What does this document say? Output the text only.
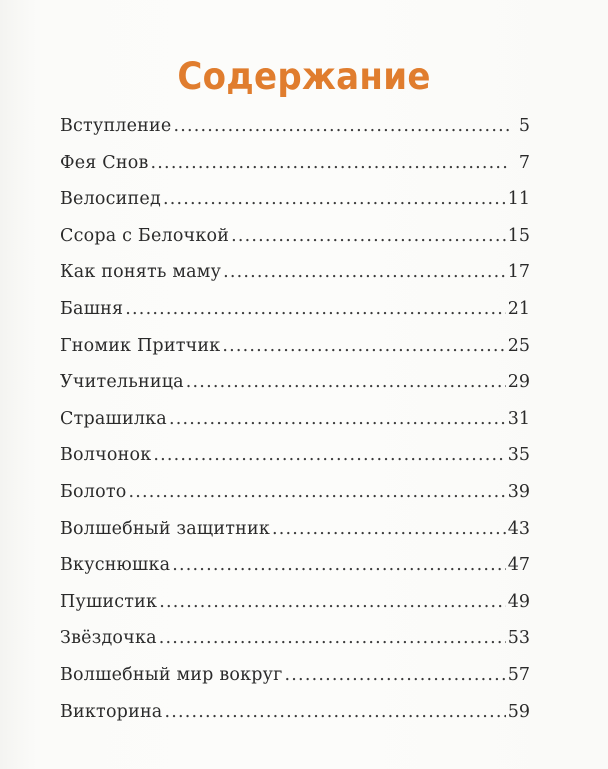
Содержание
Вступление .....	5
Фея Снов .....	7
Велосипед .....	11
Ссора с Белочкой .....	15
Как понять маму .....	17
Башня .....	21
Гномик Притчик .....	25
Учительница .....	29
Страшилка .....	31
Волчонок .....	35
Болото .....	39
Волшебный защитник .....	43
Вкуснюшка .....	47
Пушистик .....	49
Звёздочка .....	53
Волшебный мир вокруг .....	57
Викторина .....	59
